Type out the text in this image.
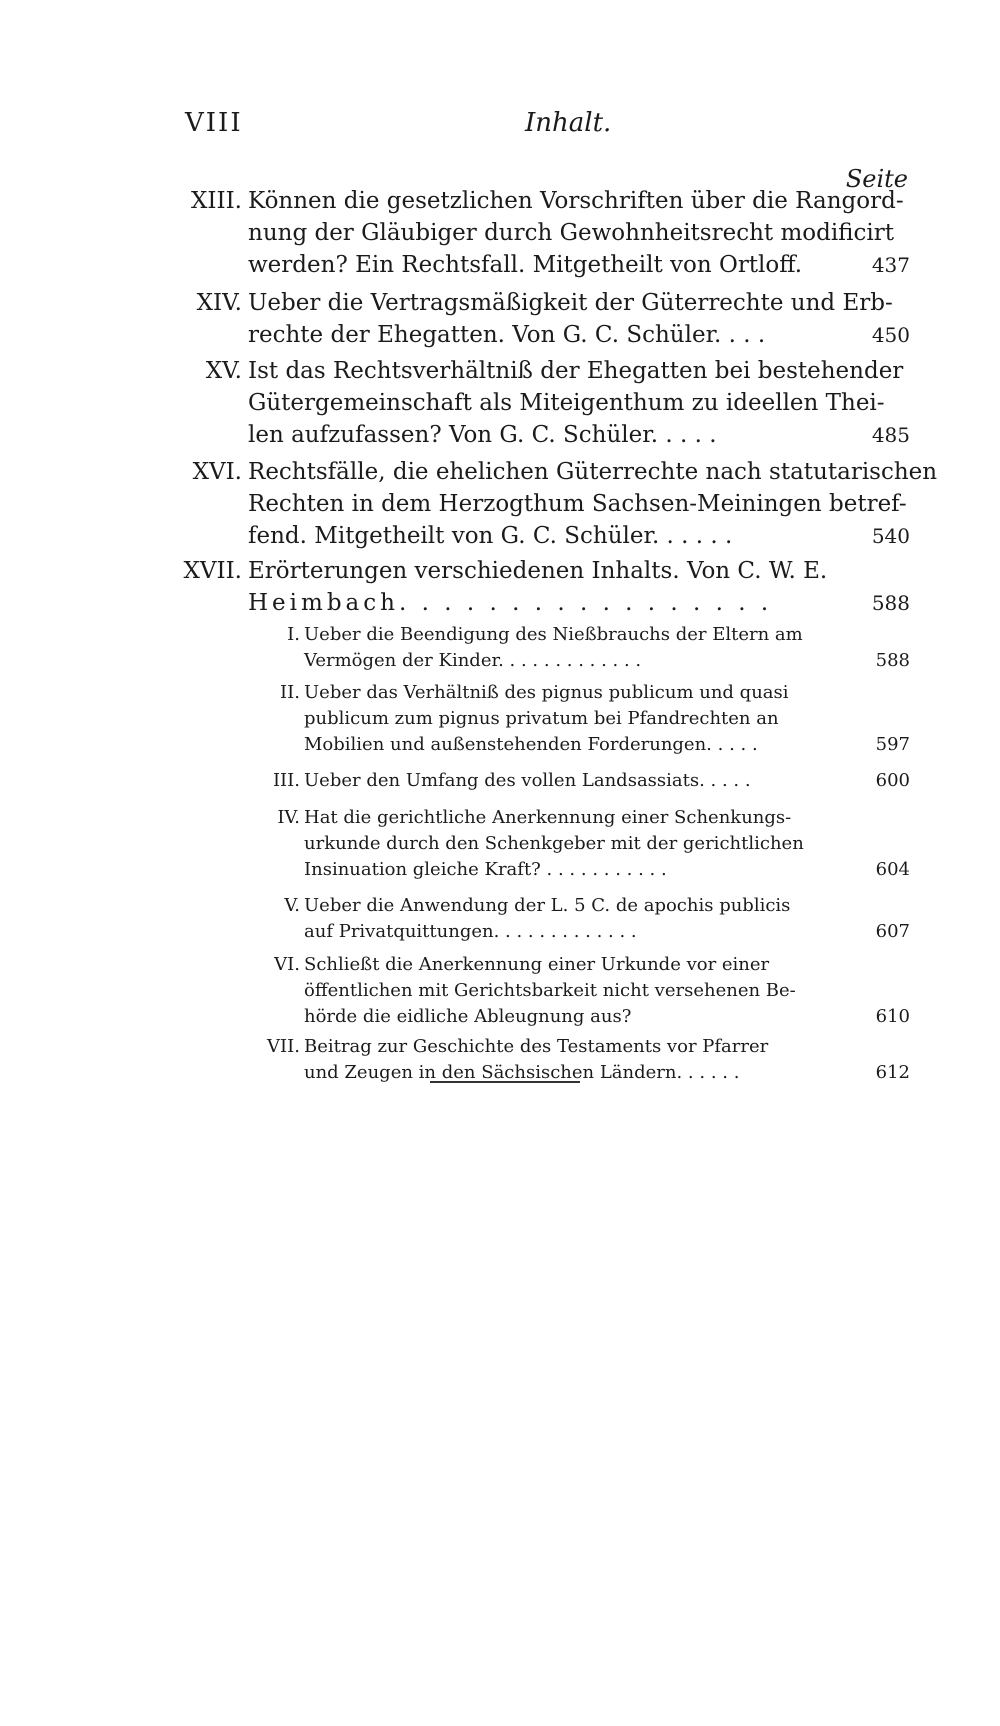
VIII	Inhalt.
Seite
XIII. Können die gesetzlichen Vorschriften über die Rangord-
nung der Gläubiger durch Gewohnheitsrecht modificirt
werden? Ein Rechtsfall. Mitgetheilt von Ortloff.	437
XIV. Ueber die Vertragsmäßigkeit der Güterrechte und Erb-
rechte der Ehegatten. Von G. C. Schüler. . . .	450
XV. Ist das Rechtsverhältniß der Ehegatten bei bestehender
Gütergemeinschaft als Miteigenthum zu ideellen Thei-
len aufzufassen? Von G. C. Schüler. . . . .	485
XVI. Rechtsfälle, die ehelichen Güterrechte nach statutarischen
Rechten in dem Herzogthum Sachsen-Meiningen betref-
fend. Mitgetheilt von G. C. Schüler. . . . . .	540
XVII. Erörterungen verschiedenen Inhalts. Von C. W. E.
Heimbach. . . . . . . . . . . . . . . . .	588
I. Ueber die Beendigung des Nießbrauchs der Eltern am
Vermögen der Kinder. . . . . . . . . . . . .	588
II. Ueber das Verhältniß des pignus publicum und quasi
publicum zum pignus privatum bei Pfandrechten an
Mobilien und außenstehenden Forderungen. . . . .	597
III. Ueber den Umfang des vollen Landsassiats. . . . .	600
IV. Hat die gerichtliche Anerkennung einer Schenkungs-
urkunde durch den Schenkgeber mit der gerichtlichen
Insinuation gleiche Kraft? . . . . . . . . . . .	604
V. Ueber die Anwendung der L. 5 C. de apochis publicis
auf Privatquittungen. . . . . . . . . . . . .	607
VI. Schließt die Anerkennung einer Urkunde vor einer
öffentlichen mit Gerichtsbarkeit nicht versehenen Be-
hörde die eidliche Ableugnung aus?	610
VII. Beitrag zur Geschichte des Testaments vor Pfarrer
und Zeugen in den Sächsischen Ländern. . . . . .	612
